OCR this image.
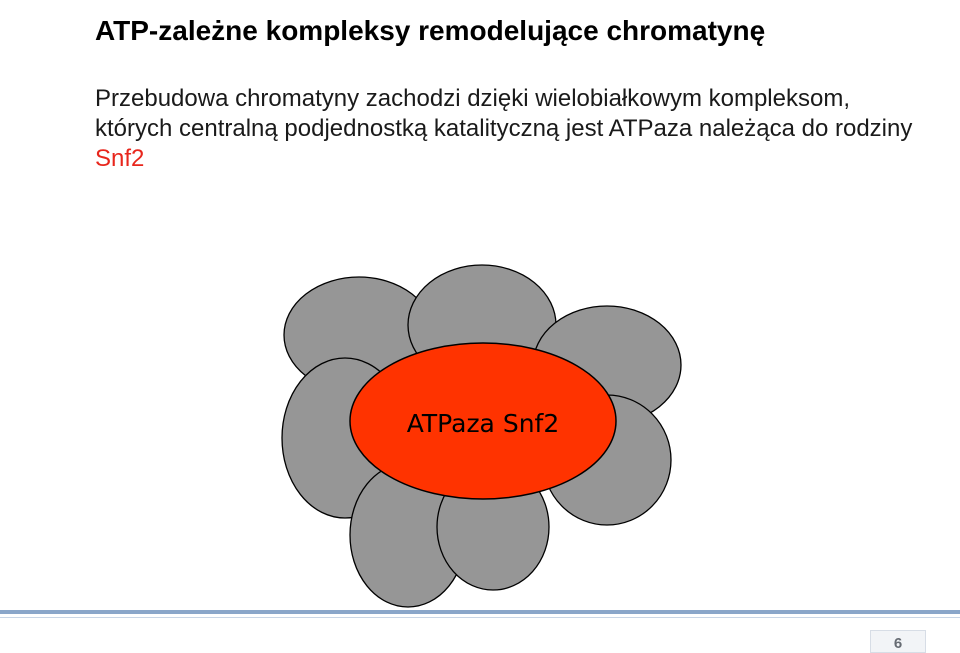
ATP-zależne kompleksy remodelujące chromatynę

Przebudowa chromatyny zachodzi dzięki wielobiałkowym kompleksom, których centralną podjednostką katalityczną jest ATPaza należąca do rodziny Snf2

ATPaza Snf2
6
